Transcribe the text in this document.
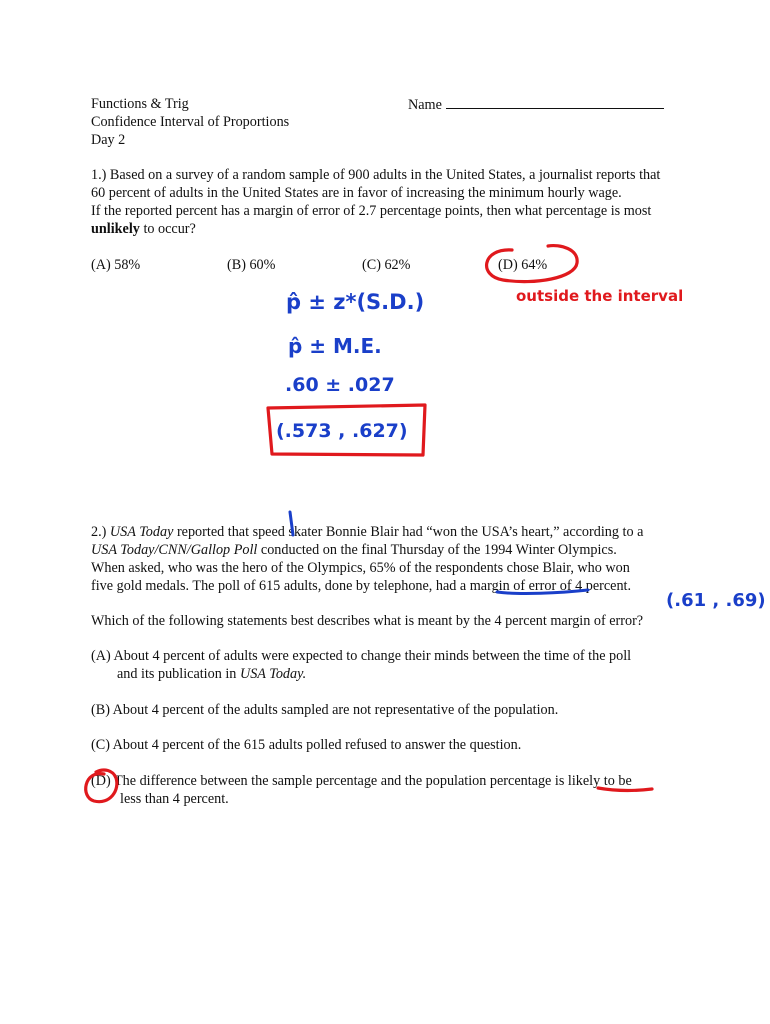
Functions & Trig
Confidence Interval of Proportions
Day 2
Name
1.) Based on a survey of a random sample of 900 adults in the United States, a journalist reports that
60 percent of adults in the United States are in favor of increasing the minimum hourly wage.
If the reported percent has a margin of error of 2.7 percentage points, then what percentage is most
unlikely to occur?
(A) 58%	(B) 60%	(C) 62%	(D) 64%
2.) USA Today reported that speed skater Bonnie Blair had “won the USA’s heart,” according to a
USA Today/CNN/Gallop Poll conducted on the final Thursday of the 1994 Winter Olympics.
When asked, who was the hero of the Olympics, 65% of the respondents chose Blair, who won
five gold medals. The poll of 615 adults, done by telephone, had a margin of error of 4 percent.
Which of the following statements best describes what is meant by the 4 percent margin of error?
(A) About 4 percent of adults were expected to change their minds between the time of the poll
and its publication in USA Today.
(B) About 4 percent of the adults sampled are not representative of the population.
(C) About 4 percent of the 615 adults polled refused to answer the question.
(D) The difference between the sample percentage and the population percentage is likely to be
less than 4 percent.
p̂ ± z*(S.D.)
p̂ ± M.E.
.60 ± .027
(.573 , .627)
outside the interval
(.61 , .69)
